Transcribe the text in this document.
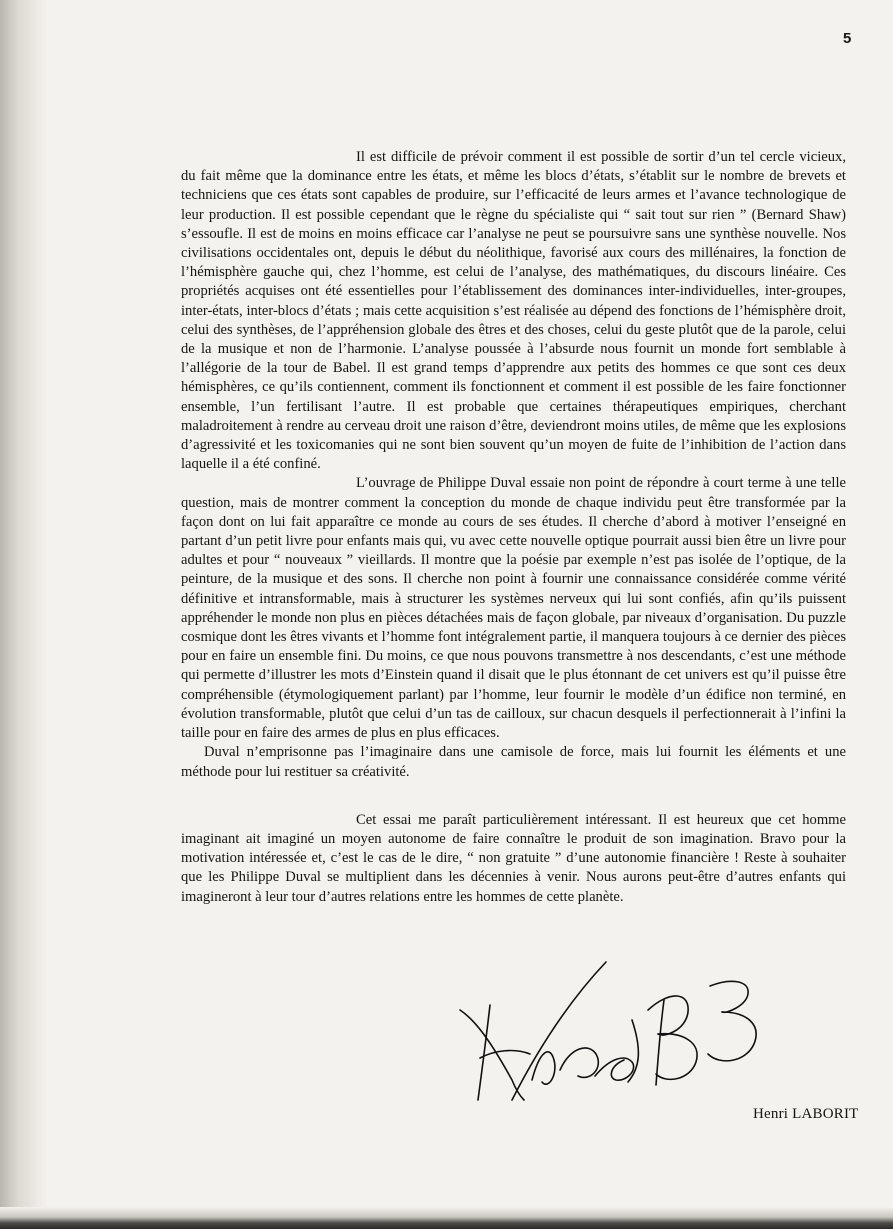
5

Il est difficile de prévoir comment il est possible de sortir d’un tel cercle vicieux, du fait même que la dominance entre les états, et même les blocs d’états, s’établit sur le nombre de brevets et techniciens que ces états sont capables de produire, sur l’efficacité de leurs armes et l’avance technologique de leur production. Il est possible cependant que le règne du spécialiste qui “ sait tout sur rien ” (Bernard Shaw) s’essoufle. Il est de moins en moins efficace car l’analyse ne peut se poursuivre sans une synthèse nouvelle. Nos civilisations occidentales ont, depuis le début du néolithique, favorisé aux cours des millénaires, la fonction de l’hémisphère gauche qui, chez l’homme, est celui de l’analyse, des mathématiques, du discours linéaire. Ces propriétés acquises ont été essentielles pour l’établissement des dominances inter-individuelles, inter-groupes, inter-états, inter-blocs d’états ; mais cette acquisition s’est réalisée au dépend des fonctions de l’hémisphère droit, celui des synthèses, de l’appréhension globale des êtres et des choses, celui du geste plutôt que de la parole, celui de la musique et non de l’harmonie. L’analyse poussée à l’absurde nous fournit un monde fort semblable à l’allégorie de la tour de Babel. Il est grand temps d’apprendre aux petits des hommes ce que sont ces deux hémisphères, ce qu’ils contiennent, comment ils fonctionnent et comment il est possible de les faire fonctionner ensemble, l’un fertilisant l’autre. Il est probable que certaines thérapeutiques empiriques, cherchant maladroitement à rendre au cerveau droit une raison d’être, deviendront moins utiles, de même que les explosions d’agressivité et les toxicomanies qui ne sont bien souvent qu’un moyen de fuite de l’inhibition de l’action dans laquelle il a été confiné.

L’ouvrage de Philippe Duval essaie non point de répondre à court terme à une telle question, mais de montrer comment la conception du monde de chaque individu peut être transformée par la façon dont on lui fait apparaître ce monde au cours de ses études. Il cherche d’abord à motiver l’enseigné en partant d’un petit livre pour enfants mais qui, vu avec cette nouvelle optique pourrait aussi bien être un livre pour adultes et pour “ nouveaux ” vieillards. Il montre que la poésie par exemple n’est pas isolée de l’optique, de la peinture, de la musique et des sons. Il cherche non point à fournir une connaissance considérée comme vérité définitive et intransformable, mais à structurer les systèmes nerveux qui lui sont confiés, afin qu’ils puissent appréhender le monde non plus en pièces détachées mais de façon globale, par niveaux d’organisation. Du puzzle cosmique dont les êtres vivants et l’homme font intégralement partie, il manquera toujours à ce dernier des pièces pour en faire un ensemble fini. Du moins, ce que nous pouvons transmettre à nos descendants, c’est une méthode qui permette d’illustrer les mots d’Einstein quand il disait que le plus étonnant de cet univers est qu’il puisse être compréhensible (étymologiquement parlant) par l’homme, leur fournir le modèle d’un édifice non terminé, en évolution transformable, plutôt que celui d’un tas de cailloux, sur chacun desquels il perfectionnerait à l’infini la taille pour en faire des armes de plus en plus efficaces.

Duval n’emprisonne pas l’imaginaire dans une camisole de force, mais lui fournit les éléments et une méthode pour lui restituer sa créativité.

Cet essai me paraît particulièrement intéressant. Il est heureux que cet homme imaginant ait imaginé un moyen autonome de faire connaître le produit de son imagination. Bravo pour la motivation intéressée et, c’est le cas de le dire, “ non gratuite ” d’une autonomie financière ! Reste à souhaiter que les Philippe Duval se multiplient dans les décennies à venir. Nous aurons peut-être d’autres enfants qui imagineront à leur tour d’autres relations entre les hommes de cette planète.

Henri LABORIT
